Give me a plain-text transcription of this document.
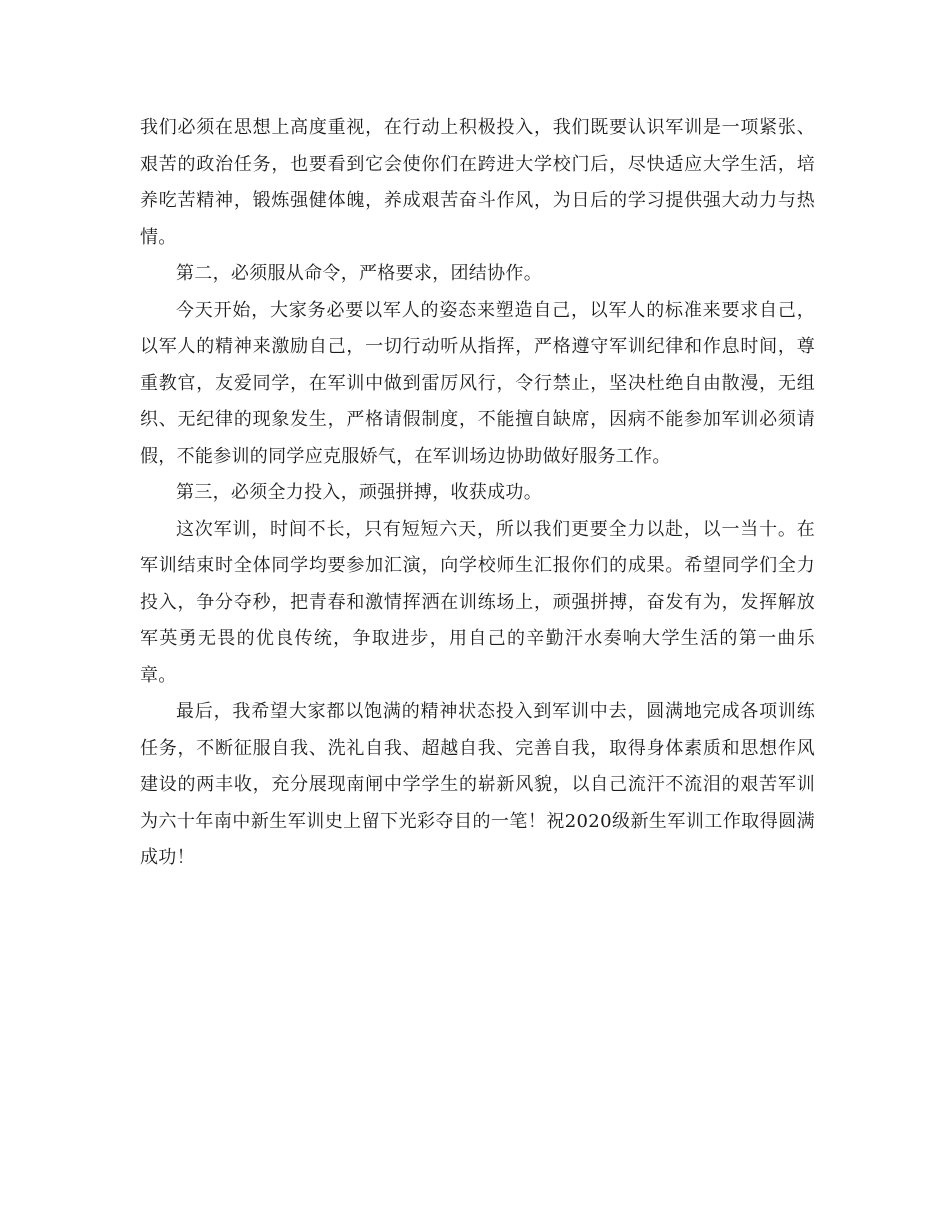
我们必须在思想上高度重视，在行动上积极投入，我们既要认识军训是一项紧张、艰苦的政治任务，也要看到它会使你们在跨进大学校门后，尽快适应大学生活，培养吃苦精神，锻炼强健体魄，养成艰苦奋斗作风，为日后的学习提供强大动力与热情。

第二，必须服从命令，严格要求，团结协作。

今天开始，大家务必要以军人的姿态来塑造自己，以军人的标准来要求自己，以军人的精神来激励自己，一切行动听从指挥，严格遵守军训纪律和作息时间，尊重教官，友爱同学，在军训中做到雷厉风行，令行禁止，坚决杜绝自由散漫，无组织、无纪律的现象发生，严格请假制度，不能擅自缺席，因病不能参加军训必须请假，不能参训的同学应克服娇气，在军训场边协助做好服务工作。

第三，必须全力投入，顽强拼搏，收获成功。

这次军训，时间不长，只有短短六天，所以我们更要全力以赴，以一当十。在军训结束时全体同学均要参加汇演，向学校师生汇报你们的成果。希望同学们全力投入，争分夺秒，把青春和激情挥洒在训练场上，顽强拼搏，奋发有为，发挥解放军英勇无畏的优良传统，争取进步，用自己的辛勤汗水奏响大学生活的第一曲乐章。

最后，我希望大家都以饱满的精神状态投入到军训中去，圆满地完成各项训练任务，不断征服自我、洗礼自我、超越自我、完善自我，取得身体素质和思想作风建设的两丰收，充分展现南闸中学学生的崭新风貌，以自己流汗不流泪的艰苦军训为六十年南中新生军训史上留下光彩夺目的一笔！祝2020级新生军训工作取得圆满成功！
